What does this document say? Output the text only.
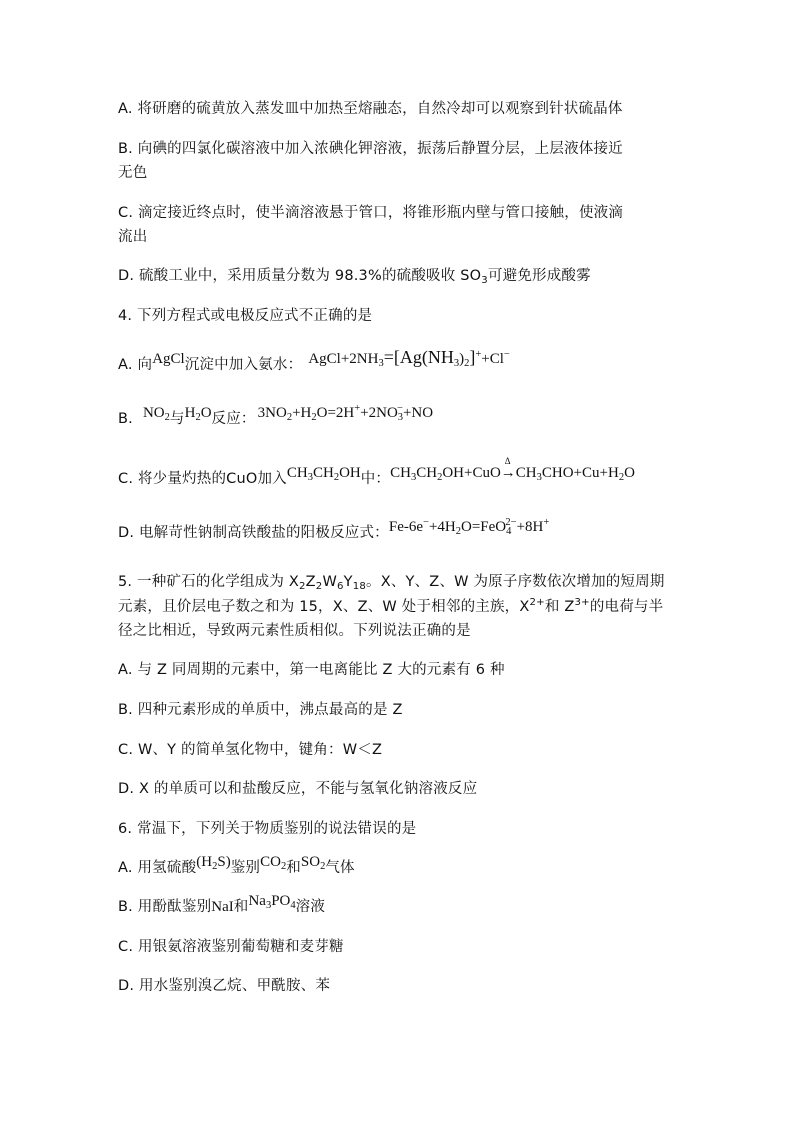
A. 将研磨的硫黄放入蒸发皿中加热至熔融态，自然冷却可以观察到针状硫晶体
B. 向碘的四氯化碳溶液中加入浓碘化钾溶液，振荡后静置分层，上层液体接近
无色
C. 滴定接近终点时，使半滴溶液悬于管口，将锥形瓶内壁与管口接触，使液滴
流出
D. 硫酸工业中，采用质量分数为 98.3%的硫酸吸收 $SO_3$可避免形成酸雾
4. 下列方程式或电极反应式不正确的是
A. 向AgCl沉淀中加入氨水： $AgCl+2NH_3=[Ag(NH_3)_2]^++Cl^-$
B. $NO_2$与$H_2O$反应： $3NO_2+H_2O=2H^++2NO_3^-+NO$
C. 将少量灼热的CuO加入$CH_3CH_2OH$中：$CH_3CH_2OH+CuO$
Δ
$\to CH_3CHO+Cu+H_2O$
D. 电解苛性钠制高铁酸盐的阳极反应式：$Fe-6e^-+4H_2O=FeO_4^{2-}+8H^+$
5. 一种矿石的化学组成为 $X_2Z_2W_6Y_{18}$。X、Y、Z、W 为原子序数依次增加的短周期
元素，且价层电子数之和为 15，X、Z、W 处于相邻的主族，$X^{2+}$和 $Z^{3+}$的电荷与半
径之比相近，导致两元素性质相似。下列说法正确的是
A. 与 Z 同周期的元素中，第一电离能比 Z 大的元素有 6 种
B. 四种元素形成的单质中，沸点最高的是 Z
C. W、Y 的简单氢化物中，键角：W＜Z
D. X 的单质可以和盐酸反应，不能与氢氧化钠溶液反应
6. 常温下，下列关于物质鉴别的说法错误的是
A. 用氢硫酸$(H_2S)$鉴别$CO_2$和$SO_2$气体
B. 用酚酞鉴别NaI和$Na_3PO_4$溶液
C. 用银氨溶液鉴别葡萄糖和麦芽糖
D. 用水鉴别溴乙烷、甲酰胺、苯
